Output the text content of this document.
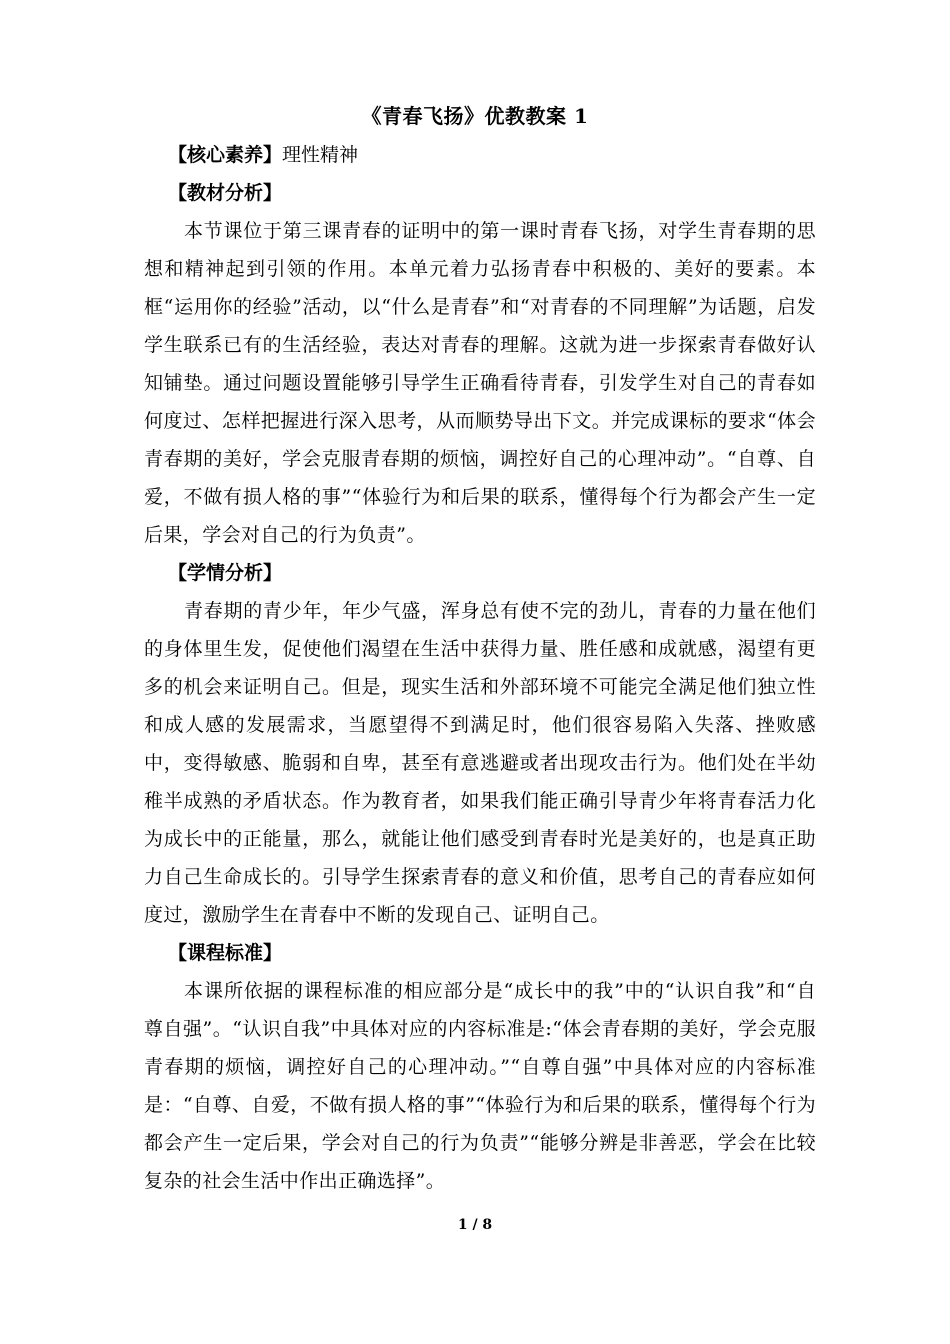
《青春飞扬》优教教案 1

【核心素养】理性精神

【教材分析】

本节课位于第三课青春的证明中的第一课时青春飞扬，对学生青春期的思想和精神起到引领的作用。本单元着力弘扬青春中积极的、美好的要素。本框“运用你的经验”活动，以“什么是青春”和“对青春的不同理解”为话题，启发学生联系已有的生活经验，表达对青春的理解。这就为进一步探索青春做好认知铺垫。通过问题设置能够引导学生正确看待青春，引发学生对自己的青春如何度过、怎样把握进行深入思考，从而顺势导出下文。并完成课标的要求“体会青春期的美好，学会克服青春期的烦恼，调控好自己的心理冲动”。“自尊、自爱，不做有损人格的事”“体验行为和后果的联系，懂得每个行为都会产生一定后果，学会对自己的行为负责”。

【学情分析】

青春期的青少年，年少气盛，浑身总有使不完的劲儿，青春的力量在他们的身体里生发，促使他们渴望在生活中获得力量、胜任感和成就感，渴望有更多的机会来证明自己。但是，现实生活和外部环境不可能完全满足他们独立性和成人感的发展需求，当愿望得不到满足时，他们很容易陷入失落、挫败感中，变得敏感、脆弱和自卑，甚至有意逃避或者出现攻击行为。他们处在半幼稚半成熟的矛盾状态。作为教育者，如果我们能正确引导青少年将青春活力化为成长中的正能量，那么，就能让他们感受到青春时光是美好的，也是真正助力自己生命成长的。引导学生探索青春的意义和价值，思考自己的青春应如何度过，激励学生在青春中不断的发现自己、证明自己。

【课程标准】

本课所依据的课程标准的相应部分是“成长中的我”中的“认识自我”和“自尊自强”。“认识自我”中具体对应的内容标准是:“体会青春期的美好，学会克服青春期的烦恼，调控好自己的心理冲动。”“自尊自强”中具体对应的内容标准是：“自尊、自爱，不做有损人格的事”“体验行为和后果的联系，懂得每个行为都会产生一定后果，学会对自己的行为负责”“能够分辨是非善恶，学会在比较复杂的社会生活中作出正确选择”。

1 / 8
